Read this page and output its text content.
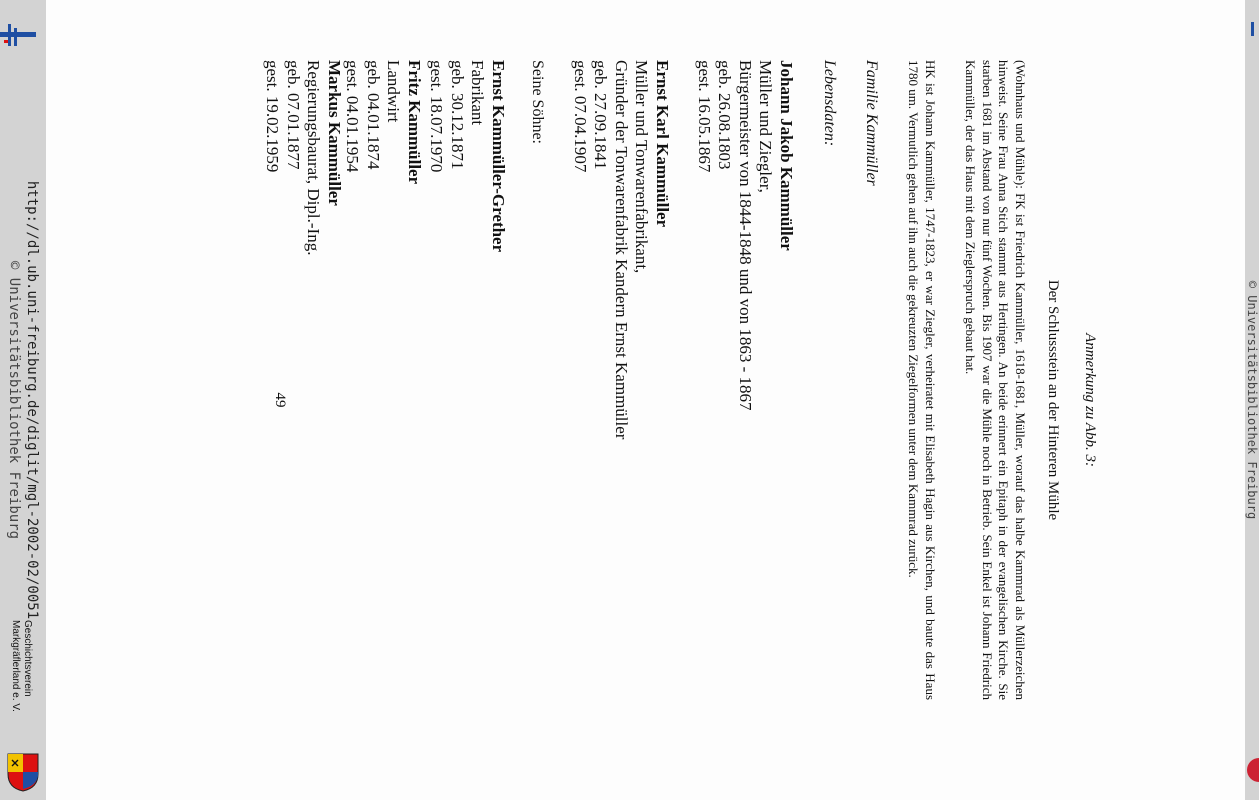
http://dl.ub.uni-freiburg.de/diglit/mgl-2002-02/0051
© Universitätsbibliothek Freiburg
Geschichtsverein
Markgräflerland e. V.
Anmerkung zu Abb. 3:
Der Schlussstein an der Hinteren Mühle
(Wohnhaus und Mühle): FK ist Friedrich Kammüller, 1618-1681, Müller, worauf das halbe Kammrad als Müllerzeichen hinweist. Seine Frau Anna Stich stammt aus Hertingen. An beide erinnert ein Epitaph in der evangelischen Kirche. Sie starben 1681 im Abstand von nur fünf Wochen. Bis 1907 war die Mühle noch in Betrieb. Sein Enkel ist Johann Friedrich Kammüller, der das Haus mit dem Zieglerspruch gebaut hat.
HK ist Johann Kammüller, 1747-1823, er war Ziegler, verheiratet mit Elisabeth Hagin aus Kirchen, und baute das Haus 1780 um. Vermutlich gehen auf ihn auch die gekreuzten Ziegelformen unter dem Kammrad zurück.
Familie Kammüller
Lebensdaten:
Johann Jakob Kammüller
Müller und Ziegler,
Bürgermeister von 1844-1848 und von 1863 - 1867
geb. 26.08.1803
gest. 16.05.1867
Ernst Karl Kammüller
Müller und Tonwarenfabrikant,
Gründer der Tonwarenfabrik Kandern Ernst Kammüller
geb. 27.09.1841
gest. 07.04.1907
Seine Söhne:
Ernst Kammüller-Grether
Fabrikant
geb. 30.12.1871
gest. 18.07.1970
Fritz Kammüller
Landwirt
geb. 04.01.1874
gest. 04.01.1954
Markus Kammüller
Regierungsbaurat, Dipl.-Ing.
geb. 07.01.1877
gest. 19.02.1959
49	© Universitätsbibliothek Freiburg
